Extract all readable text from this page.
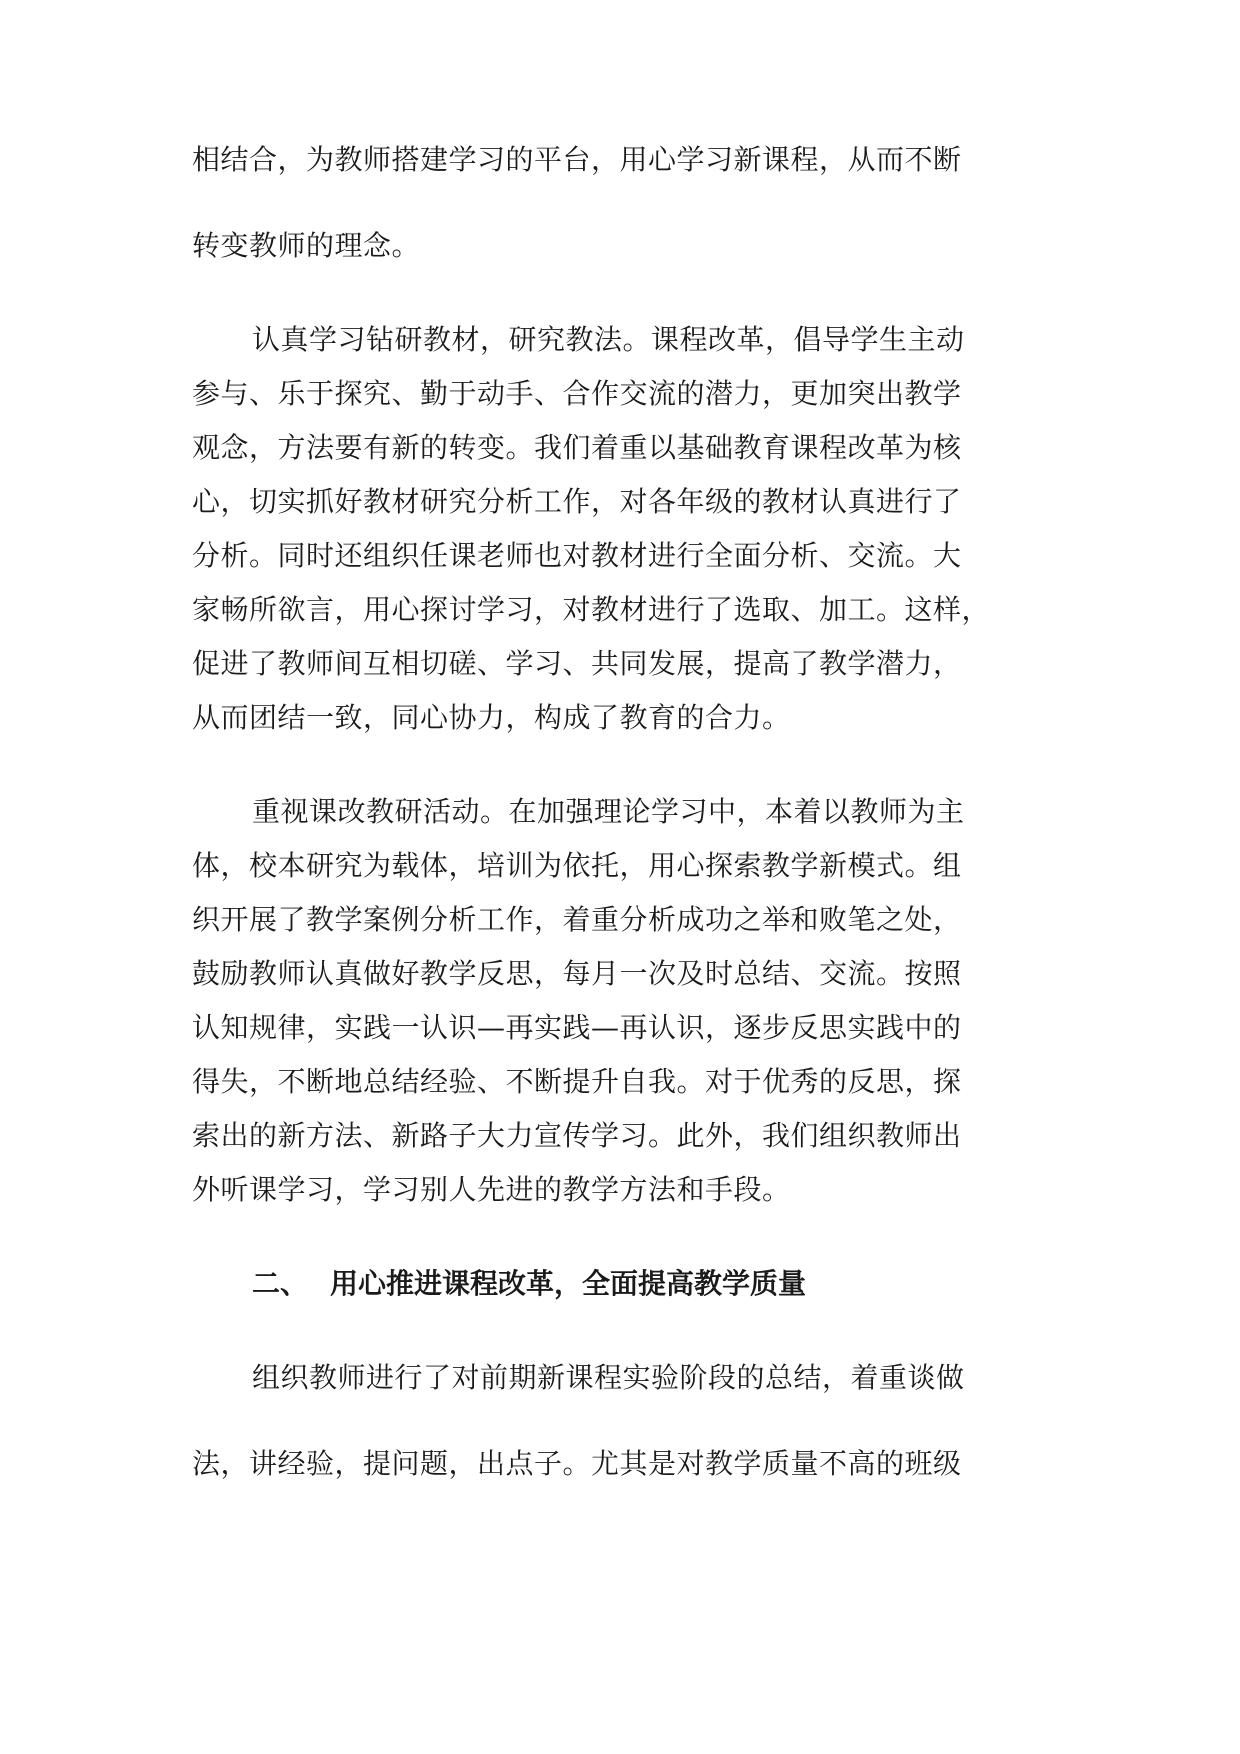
相结合，为教师搭建学习的平台，用心学习新课程，从而不断

转变教师的理念。

认真学习钻研教材，研究教法。课程改革，倡导学生主动

参与、乐于探究、勤于动手、合作交流的潜力，更加突出教学

观念，方法要有新的转变。我们着重以基础教育课程改革为核

心，切实抓好教材研究分析工作，对各年级的教材认真进行了

分析。同时还组织任课老师也对教材进行全面分析、交流。大

家畅所欲言，用心探讨学习，对教材进行了选取、加工。这样，

促进了教师间互相切磋、学习、共同发展，提高了教学潜力，

从而团结一致，同心协力，构成了教育的合力。

重视课改教研活动。在加强理论学习中，本着以教师为主

体，校本研究为载体，培训为依托，用心探索教学新模式。组

织开展了教学案例分析工作，着重分析成功之举和败笔之处，

鼓励教师认真做好教学反思，每月一次及时总结、交流。按照

认知规律，实践一认识—再实践—再认识，逐步反思实践中的

得失，不断地总结经验、不断提升自我。对于优秀的反思，探

索出的新方法、新路子大力宣传学习。此外，我们组织教师出

外听课学习，学习别人先进的教学方法和手段。

二、 用心推进课程改革，全面提高教学质量

组织教师进行了对前期新课程实验阶段的总结，着重谈做

法，讲经验，提问题，出点子。尤其是对教学质量不高的班级
